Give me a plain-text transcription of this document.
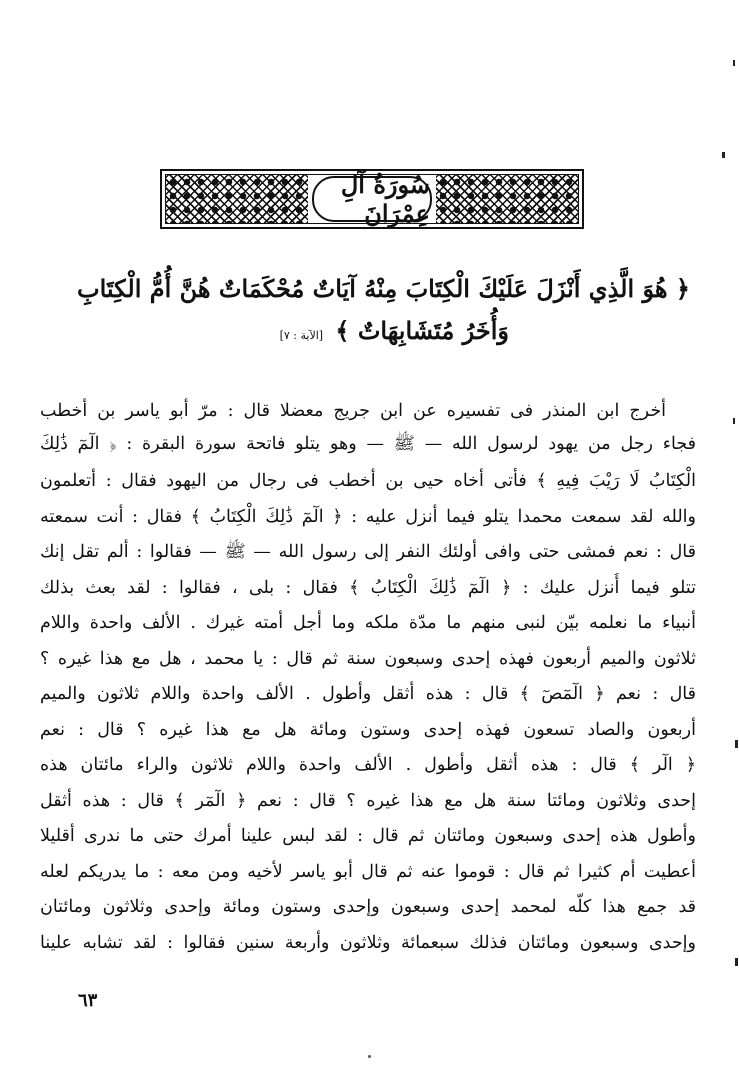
سُورَةُ آلِ عِمْرَانَ
﴿ هُوَ الَّذِي أَنْزَلَ عَلَيْكَ الْكِتَابَ مِنْهُ آيَاتٌ مُحْكَمَاتٌ هُنَّ أُمُّ الْكِتَابِ
وَأُخَرُ مُتَشَابِهَاتٌ ﴾ [الآية : ٧]
أخرج ابن المنذر فى تفسيره عن ابن جريج معضلا قال : مرّ أبو ياسر بن أخطب
فجاء رجل من يهود لرسول الله — ﷺ — وهو يتلو فاتحة سورة البقرة : ﴿ الٓمٓ ذَٰلِكَ
الْكِتَابُ لَا رَيْبَ فِيهِ ﴾ فأتى أخاه حيى بن أخطب فى رجال من اليهود فقال : أتعلمون
والله لقد سمعت محمدا يتلو فيما أنزل عليه : ﴿ الٓمٓ ذَٰلِكَ الْكِتَابُ ﴾ فقال : أنت سمعته
قال : نعم فمشى حتى وافى أولئك النفر إلى رسول الله — ﷺ — فقالوا : ألم تقل إنك
تتلو فيما أُنزل عليك : ﴿ الٓمٓ ذَٰلِكَ الْكِتَابُ ﴾ فقال : بلى ، فقالوا : لقد بعث بذلك
أنبياء ما نعلمه بيّن لنبى منهم ما مدّة ملكه وما أجل أمته غيرك . الألف واحدة واللام
ثلاثون والميم أربعون فهذه إحدى وسبعون سنة ثم قال : يا محمد ، هل مع هذا غيره ؟
قال : نعم ﴿ الٓمٓصٓ ﴾ قال : هذه أثقل وأطول . الألف واحدة واللام ثلاثون والميم
أربعون والصاد تسعون فهذه إحدى وستون ومائة هل مع هذا غيره ؟ قال : نعم
﴿ الٓر ﴾ قال : هذه أثقل وأطول . الألف واحدة واللام ثلاثون والراء مائتان هذه
إحدى وثلاثون ومائتا سنة هل مع هذا غيره ؟ قال : نعم ﴿ الٓمٓر ﴾ قال : هذه أثقل
وأطول هذه إحدى وسبعون ومائتان ثم قال : لقد لبس علينا أمرك حتى ما ندرى أقليلا
أعطيت أم كثيرا ثم قال : قوموا عنه ثم قال أبو ياسر لأخيه ومن معه : ما يدريكم لعله
قد جمع هذا كلّه لمحمد إحدى وسبعون وإحدى وستون ومائة وإحدى وثلاثون ومائتان
وإحدى وسبعون ومائتان فذلك سبعمائة وثلاثون وأربعة سنين فقالوا : لقد تشابه علينا
٦٣
